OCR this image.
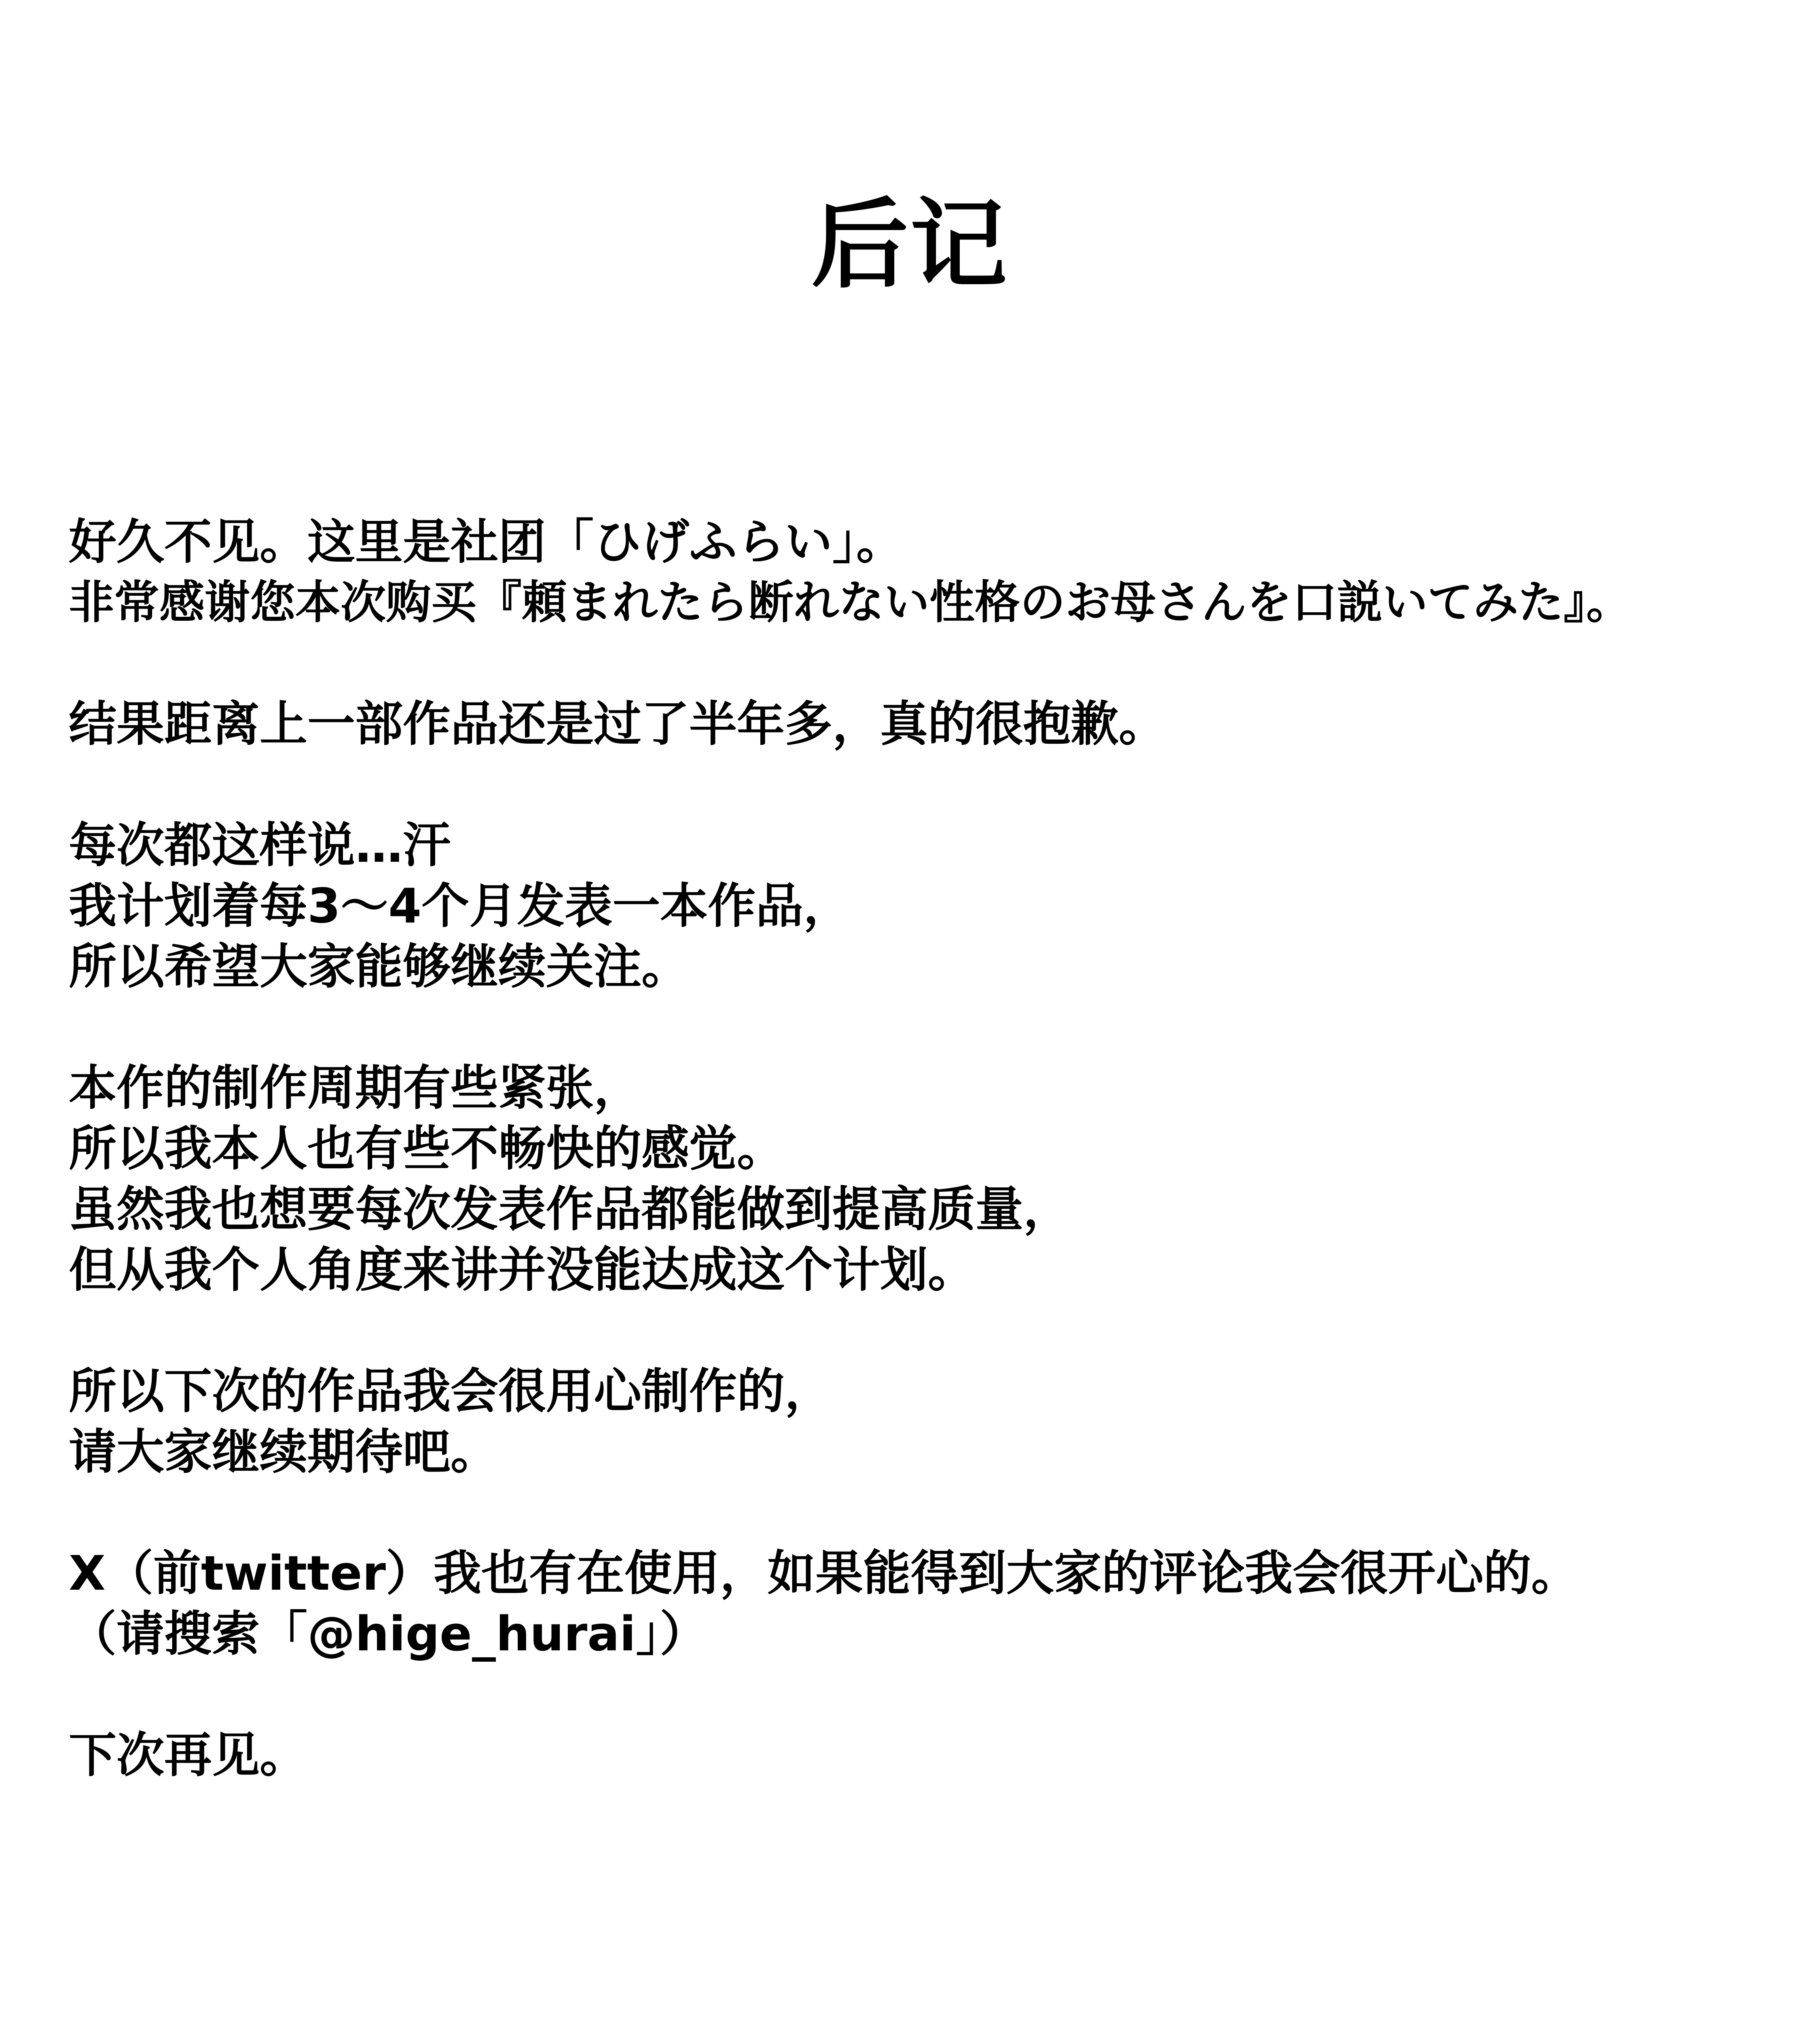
后记
好久不见。这里是社团「ひげふらい」。
非常感谢您本次购买『頼まれたら断れない性格のお母さんを口説いてみた』。
结果距离上一部作品还是过了半年多，真的很抱歉。
每次都这样说…汗
我计划着每3～4个月发表一本作品，
所以希望大家能够继续关注。
本作的制作周期有些紧张，
所以我本人也有些不畅快的感觉。
虽然我也想要每次发表作品都能做到提高质量，
但从我个人角度来讲并没能达成这个计划。
所以下次的作品我会很用心制作的，
请大家继续期待吧。
X（前twitter）我也有在使用，如果能得到大家的评论我会很开心的。
（请搜索「@hige_hurai」）
下次再见。
